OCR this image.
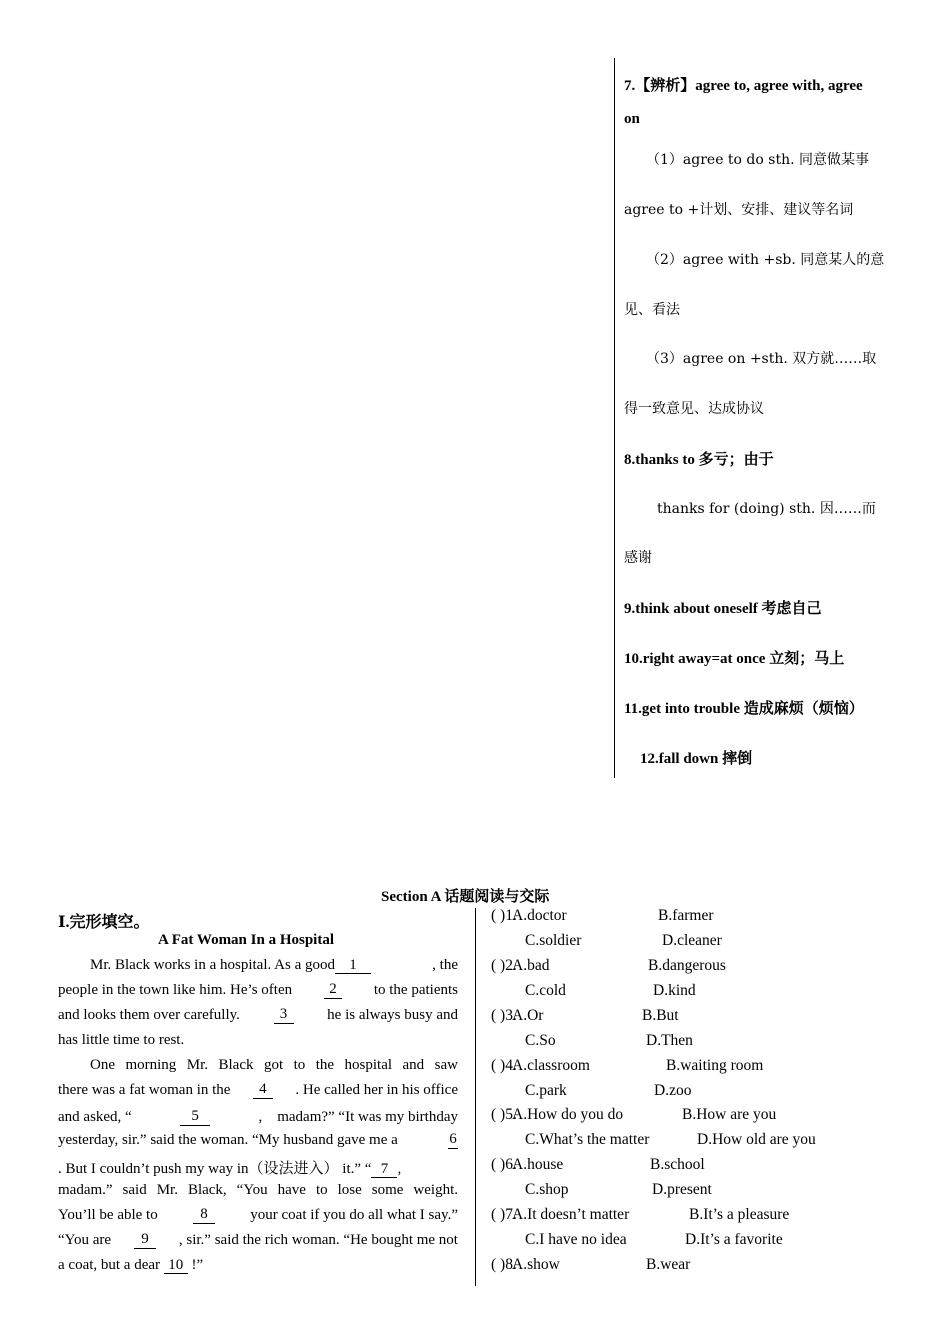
7.【辨析】agree to, agree with, agree
on
（1）agree to do sth. 同意做某事
agree to +计划、安排、建议等名词
（2）agree with +sb. 同意某人的意
见、看法
（3）agree on +sth. 双方就……取
得一致意见、达成协议
8.thanks to 多亏；由于
thanks for (doing) sth. 因……而
感谢
9.think about oneself 考虑自己
10.right away=at once 立刻；马上
11.get into trouble 造成麻烦（烦恼）
12.fall down 摔倒
Section A 话题阅读与交际
Ⅰ.完形填空。
A Fat Woman In a Hospital
Mr. Black works in a hospital. As a good 1	, the
people in the town like him. He’s often	2	to the patients
and looks them over carefully.	3	he is always busy and
has little time to rest.
One morning Mr. Black got to the hospital and saw
there was a fat woman in the	4	. He called her in his office
and asked, “	5	,    madam?” “It was my birthday
yesterday, sir.” said the woman. “My husband gave me a	6
. But I couldn’t push my way in（设法进入） it.” “ 7 ,
madam.” said Mr. Black, “You have to lose some weight.
You’ll be able to	8	your coat if you do all what I say.”
“You are	9	, sir.” said the rich woman. “He bought me not
a coat, but a dear 10 !”
( )1.
A.doctor	B.farmer
C.soldier	D.cleaner
( )2.
A.bad	B.dangerous
C.cold	D.kind
( )3.
A.Or	B.But
C.So	D.Then
( )4.
A.classroom	B.waiting room
C.park	D.zoo
( )5.
A.How do you do	B.How are you
C.What’s the matter	D.How old are you
( )6.
A.house	B.school
C.shop	D.present
( )7.
A.It doesn’t matter	B.It’s a pleasure
C.I have no idea	D.It’s a favorite
( )8.
A.show	B.wear
